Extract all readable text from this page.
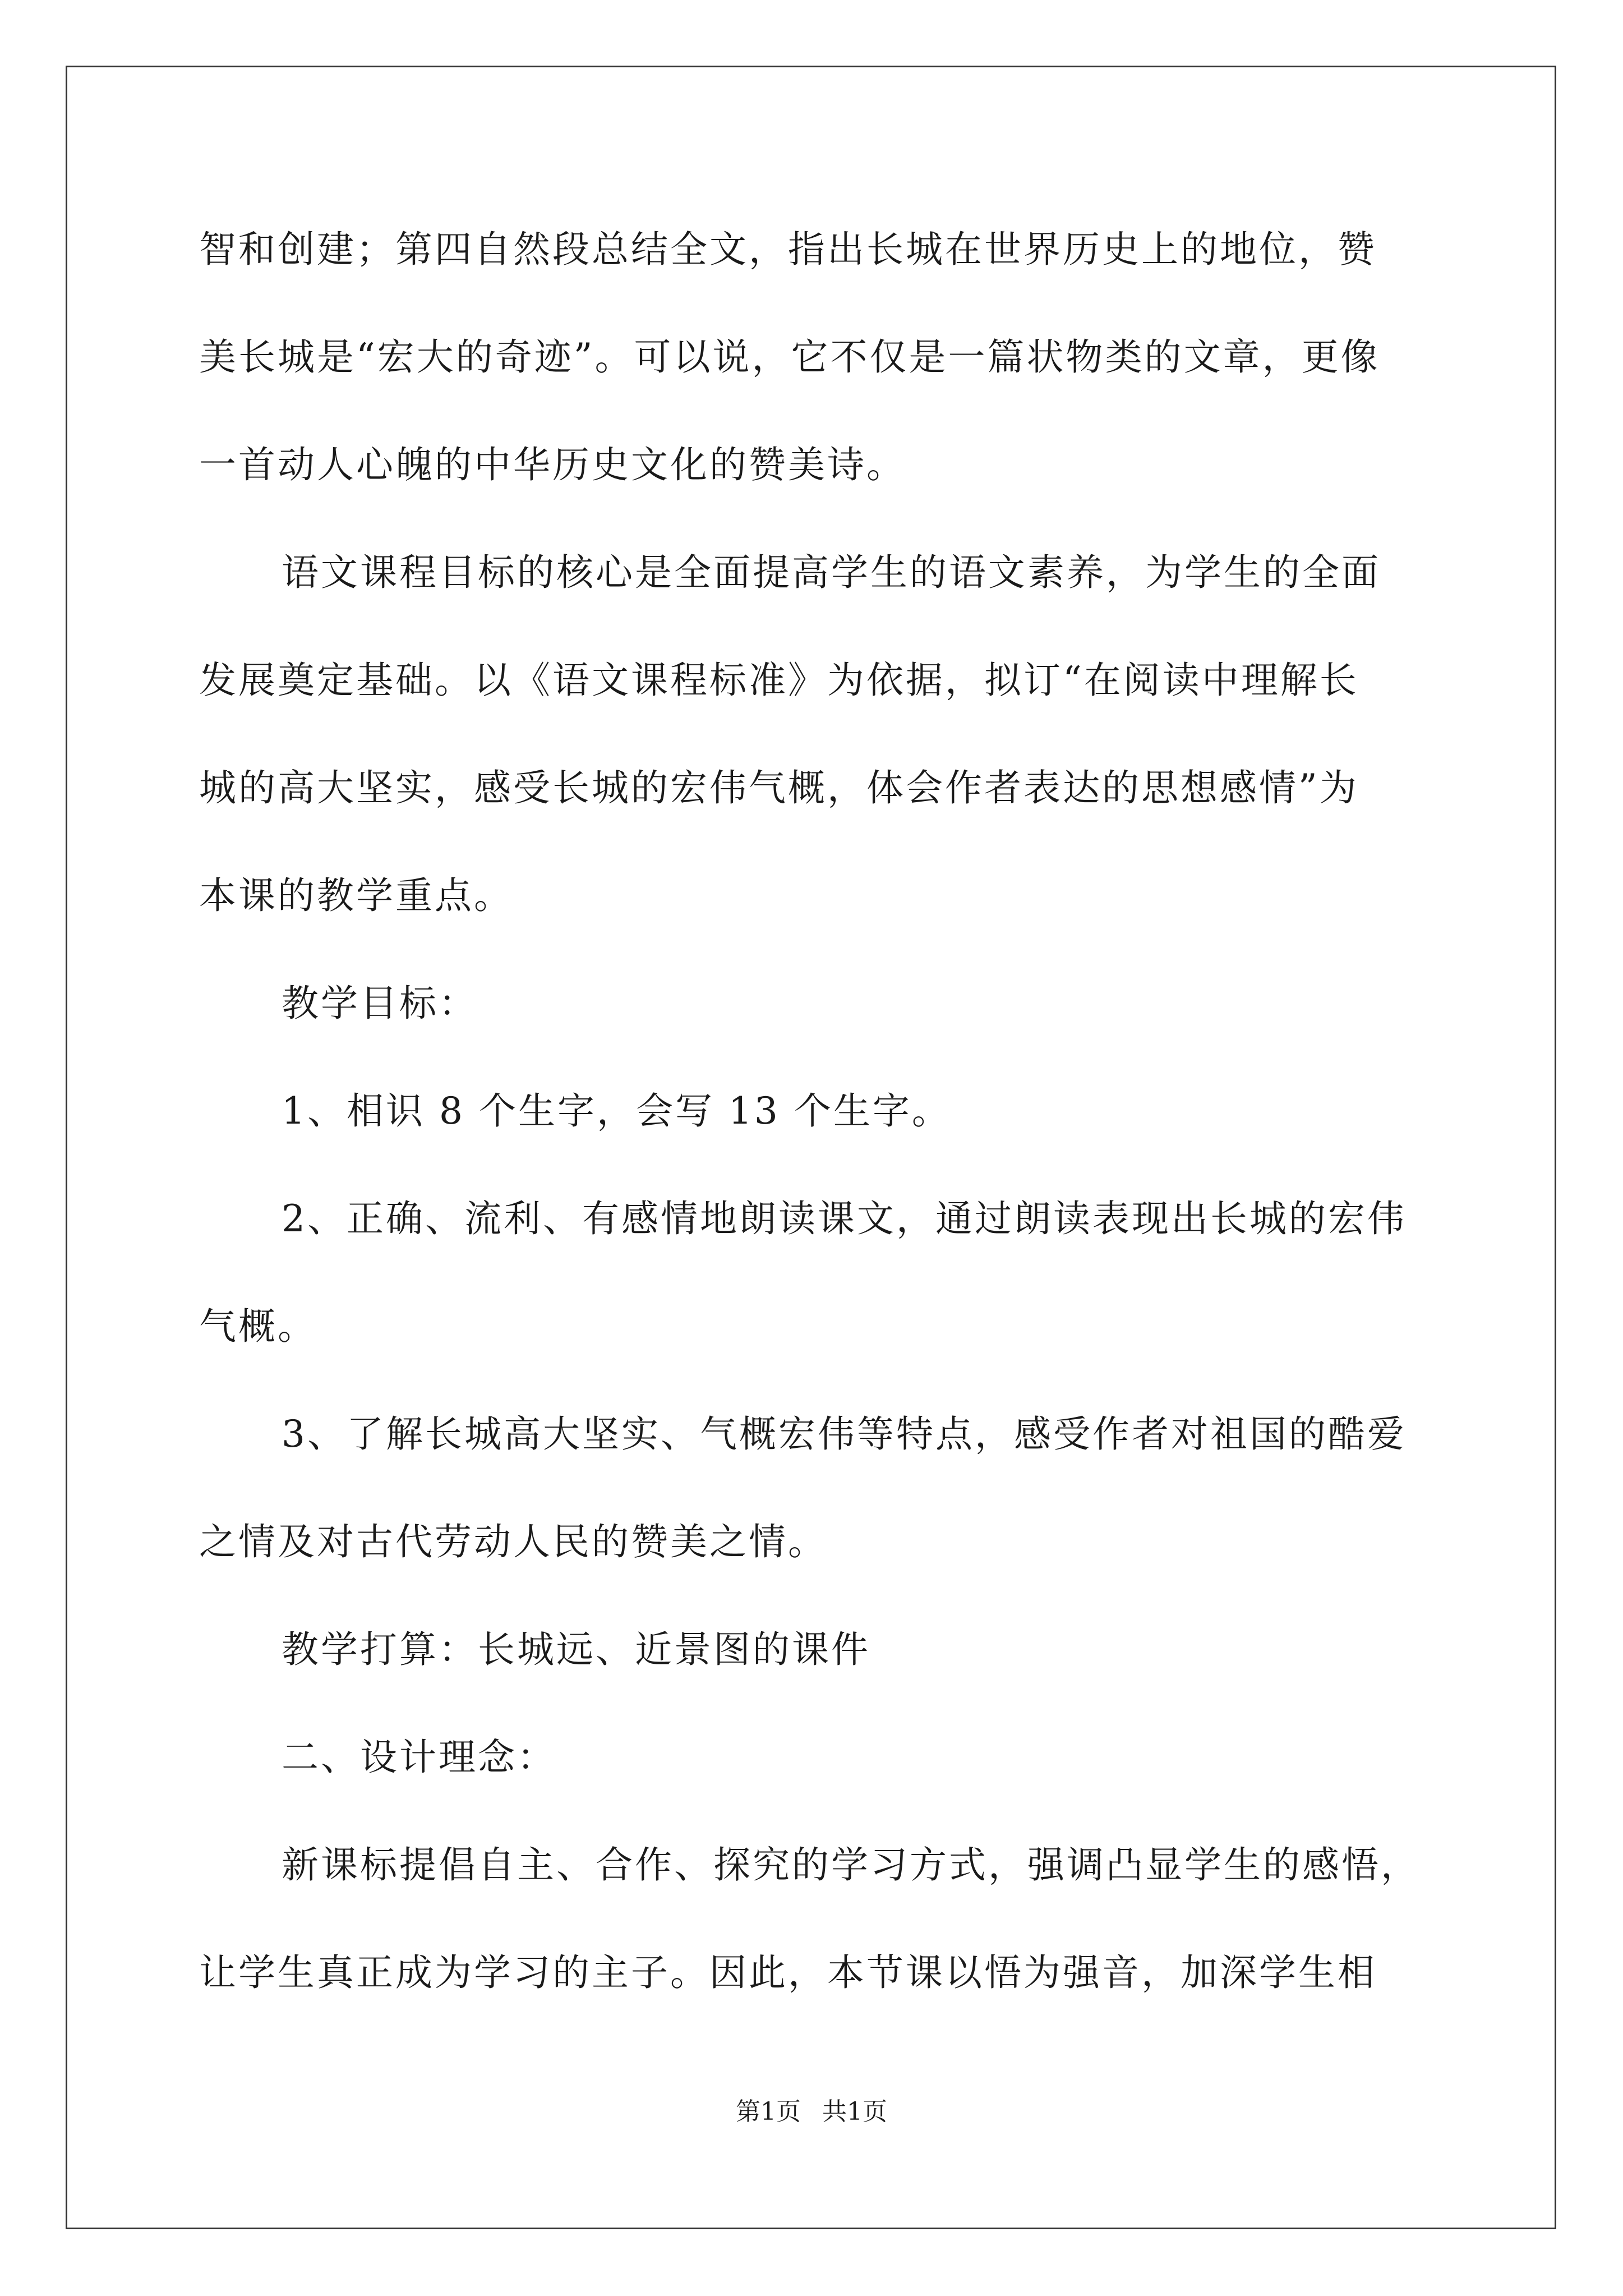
智和创建；第四自然段总结全文，指出长城在世界历史上的地位，赞
美长城是“宏大的奇迹”。可以说，它不仅是一篇状物类的文章，更像
一首动人心魄的中华历史文化的赞美诗。
语文课程目标的核心是全面提高学生的语文素养，为学生的全面
发展奠定基础。以《语文课程标准》为依据，拟订“在阅读中理解长
城的高大坚实，感受长城的宏伟气概，体会作者表达的思想感情”为
本课的教学重点。
教学目标：
1、相识 8 个生字，会写 13 个生字。
2、正确、流利、有感情地朗读课文，通过朗读表现出长城的宏伟
气概。
3、了解长城高大坚实、气概宏伟等特点，感受作者对祖国的酷爱
之情及对古代劳动人民的赞美之情。
教学打算：长城远、近景图的课件
二、设计理念：
新课标提倡自主、合作、探究的学习方式，强调凸显学生的感悟，
让学生真正成为学习的主子。因此，本节课以悟为强音，加深学生相
第1页 共1页
